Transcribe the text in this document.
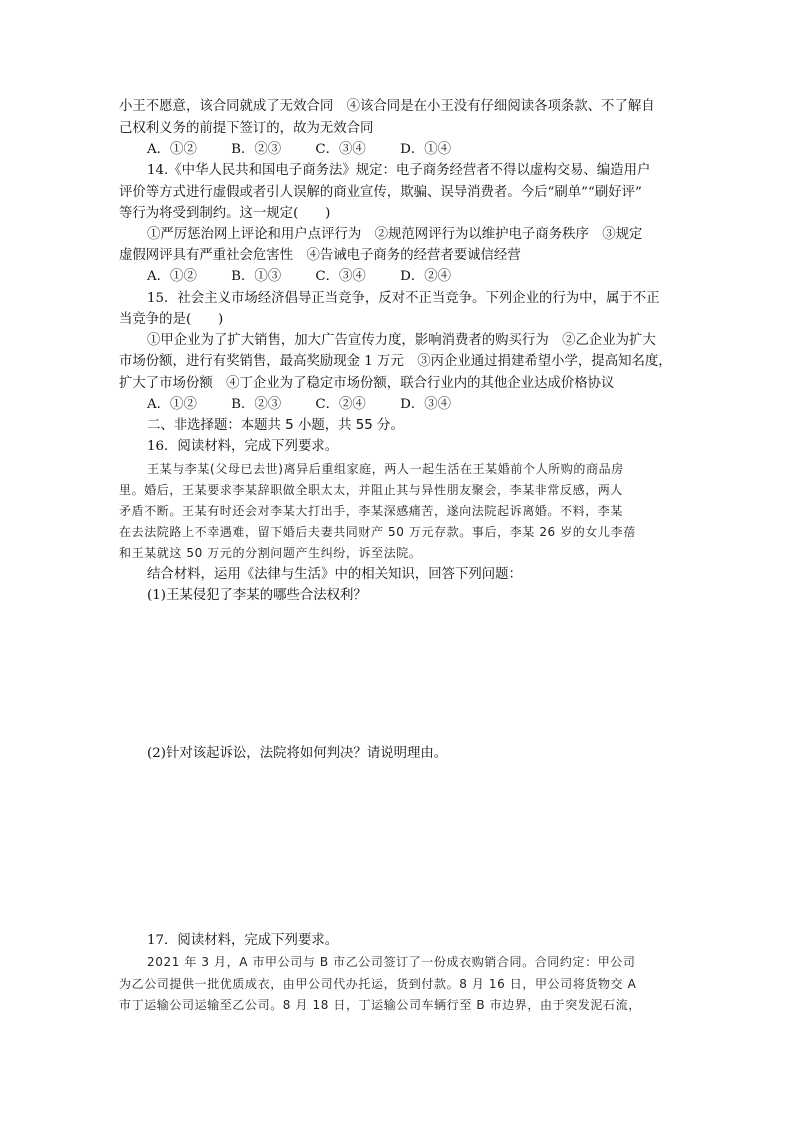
小王不愿意，该合同就成了无效合同　④该合同是在小王没有仔细阅读各项条款、不了解自
己权利义务的前提下签订的，故为无效合同
A．①②	B．②③	C．③④	D．①④
14.《中华人民共和国电子商务法》规定：电子商务经营者不得以虚构交易、编造用户
评价等方式进行虚假或者引人误解的商业宣传，欺骗、误导消费者。今后“刷单”“刷好评”
等行为将受到制约。这一规定(　　)
①严厉惩治网上评论和用户点评行为　②规范网评行为以维护电子商务秩序　③规定
虚假网评具有严重社会危害性　④告诫电子商务的经营者要诚信经营
A．①②	B．①③	C．③④	D．②④
15．社会主义市场经济倡导正当竞争，反对不正当竞争。下列企业的行为中，属于不正
当竞争的是(　　)
①甲企业为了扩大销售，加大广告宣传力度，影响消费者的购买行为　②乙企业为扩大
市场份额，进行有奖销售，最高奖励现金 1 万元　③丙企业通过捐建希望小学，提高知名度，
扩大了市场份额　④丁企业为了稳定市场份额，联合行业内的其他企业达成价格协议
A．①②	B．②③	C．②④	D．③④
二、非选择题：本题共 5 小题，共 55 分。
16．阅读材料，完成下列要求。
王某与李某(父母已去世)离异后重组家庭，两人一起生活在王某婚前个人所购的商品房
里。婚后，王某要求李某辞职做全职太太，并阻止其与异性朋友聚会，李某非常反感，两人
矛盾不断。王某有时还会对李某大打出手，李某深感痛苦，遂向法院起诉离婚。不料，李某
在去法院路上不幸遇难，留下婚后夫妻共同财产 50 万元存款。事后，李某 26 岁的女儿李蓓
和王某就这 50 万元的分割问题产生纠纷，诉至法院。
结合材料，运用《法律与生活》中的相关知识，回答下列问题：
(1)王某侵犯了李某的哪些合法权利？
(2)针对该起诉讼，法院将如何判决？请说明理由。
17．阅读材料，完成下列要求。
2021 年 3 月，A 市甲公司与 B 市乙公司签订了一份成衣购销合同。合同约定：甲公司
为乙公司提供一批优质成衣，由甲公司代办托运，货到付款。8 月 16 日，甲公司将货物交 A
市丁运输公司运输至乙公司。8 月 18 日，丁运输公司车辆行至 B 市边界，由于突发泥石流，
